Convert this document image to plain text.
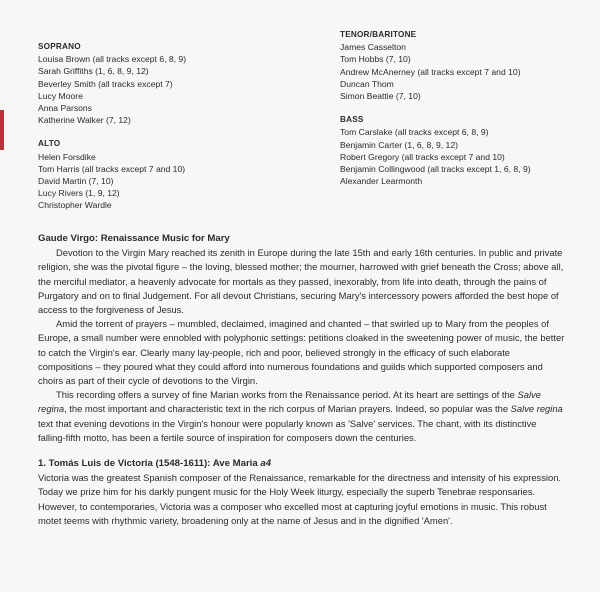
SOPRANO

Louisa Brown (all tracks except 6, 8, 9)

Sarah Griffiths (1, 6, 8, 9, 12)

Beverley Smith (all tracks except 7)

Lucy Moore

Anna Parsons

Katherine Walker (7, 12)

ALTO

Helen Forsdike

Tom Harris (all tracks except 7 and 10)

David Martin (7, 10)

Lucy Rivers (1, 9, 12)

Christopher Wardle

TENOR/BARITONE

James Casselton

Tom Hobbs (7, 10)

Andrew McAnerney (all tracks except 7 and 10)

Duncan Thom

Simon Beattie (7, 10)

BASS

Tom Carslake (all tracks except 6, 8, 9)

Benjamin Carter (1, 6, 8, 9, 12)

Robert Gregory (all tracks except 7 and 10)

Benjamin Collingwood (all tracks except 1, 6, 8, 9)

Alexander Learmonth

Gaude Virgo: Renaissance Music for Mary

Devotion to the Virgin Mary reached its zenith in Europe during the late 15th and early 16th centuries. In public and private religion, she was the pivotal figure – the loving, blessed mother; the mourner, harrowed with grief beneath the Cross; above all, the merciful mediator, a heavenly advocate for mortals as they passed, inexorably, from life into death, through the pains of Purgatory and on to final Judgement. For all devout Christians, securing Mary's intercessory powers afforded the best hope of access to the forgiveness of Jesus.

Amid the torrent of prayers – mumbled, declaimed, imagined and chanted – that swirled up to Mary from the peoples of Europe, a small number were ennobled with polyphonic settings: petitions cloaked in the sweetening power of music, the better to catch the Virgin's ear. Clearly many lay-people, rich and poor, believed strongly in the efficacy of such elaborate compositions – they poured what they could afford into numerous foundations and guilds which supported composers and choirs as part of their cycle of devotions to the Virgin.

This recording offers a survey of fine Marian works from the Renaissance period. At its heart are settings of the Salve regina, the most important and characteristic text in the rich corpus of Marian prayers. Indeed, so popular was the Salve regina text that evening devotions in the Virgin's honour were popularly known as 'Salve' services. The chant, with its distinctive falling-fifth motto, has been a fertile source of inspiration for composers down the centuries.

1. Tomás Luis de Victoria (1548-1611): Ave Maria a4

Victoria was the greatest Spanish composer of the Renaissance, remarkable for the directness and intensity of his expression. Today we prize him for his darkly pungent music for the Holy Week liturgy, especially the superb Tenebrae responsaries. However, to contemporaries, Victoria was a composer who excelled most at capturing joyful emotions in music. This robust motet teems with rhythmic variety, broadening only at the name of Jesus and in the dignified 'Amen'.
